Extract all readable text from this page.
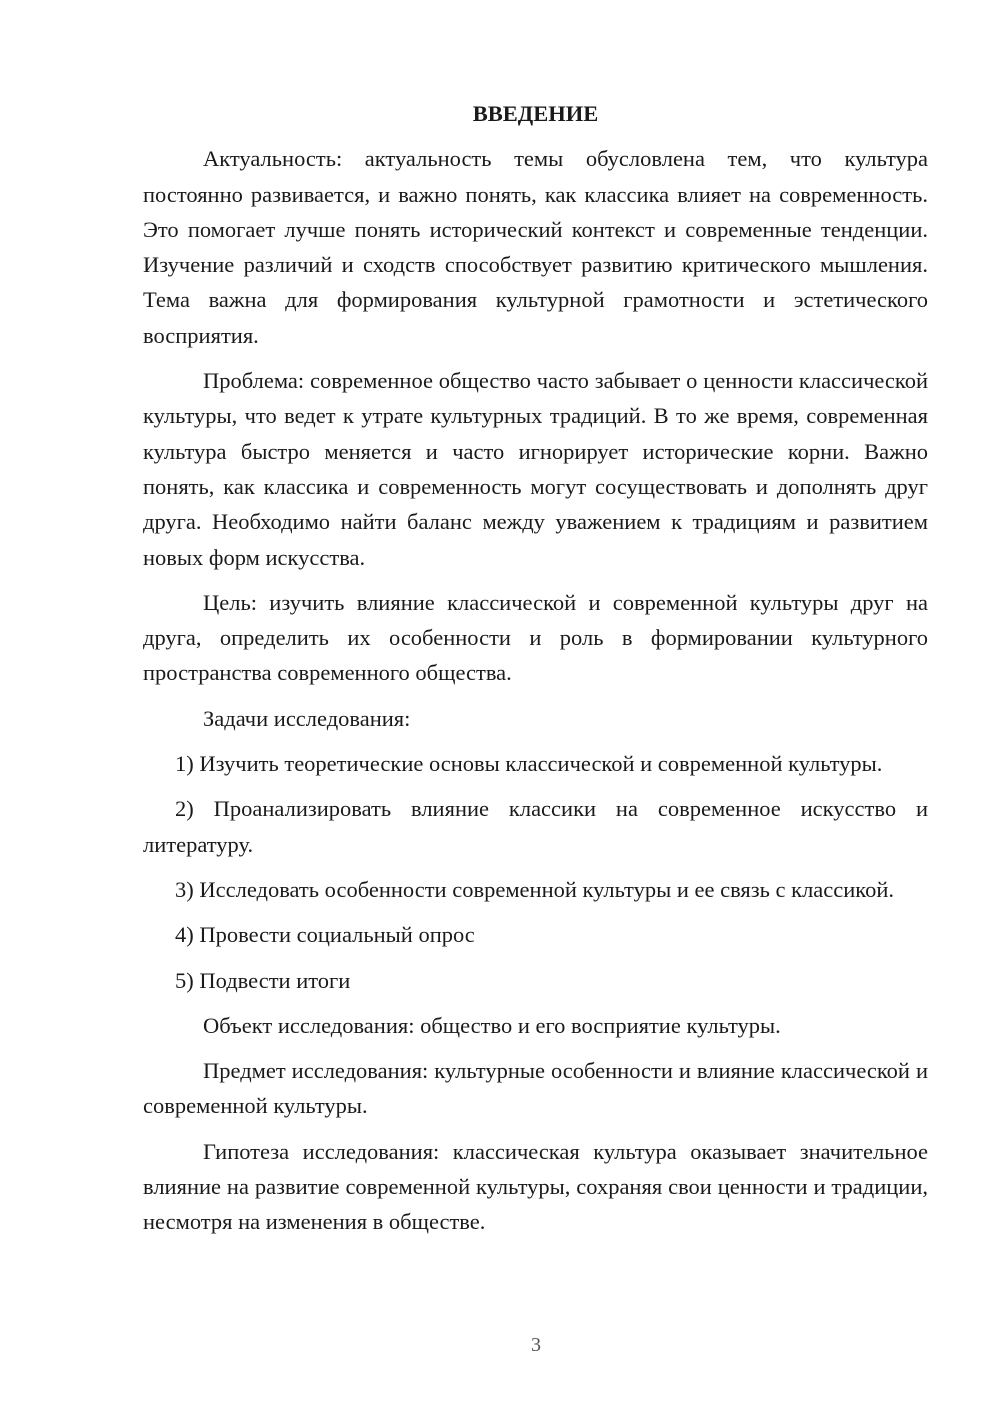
ВВЕДЕНИЕ

Актуальность: актуальность темы обусловлена тем, что культура постоянно развивается, и важно понять, как классика влияет на современность. Это помогает лучше понять исторический контекст и современные тенденции. Изучение различий и сходств способствует развитию критического мышления. Тема важна для формирования культурной грамотности и эстетического восприятия.

Проблема: современное общество часто забывает о ценности классической культуры, что ведет к утрате культурных традиций. В то же время, современная культура быстро меняется и часто игнорирует исторические корни. Важно понять, как классика и современность могут сосуществовать и дополнять друг друга. Необходимо найти баланс между уважением к традициям и развитием новых форм искусства.

Цель: изучить влияние классической и современной культуры друг на друга, определить их особенности и роль в формировании культурного пространства современного общества.

Задачи исследования:

1) Изучить теоретические основы классической и современной культуры.

2) Проанализировать влияние классики на современное искусство и литературу.

3) Исследовать особенности современной культуры и ее связь с классикой.

4) Провести социальный опрос

5) Подвести итоги

Объект исследования: общество и его восприятие культуры.

Предмет исследования: культурные особенности и влияние классической и современной культуры.

Гипотеза исследования: классическая культура оказывает значительное влияние на развитие современной культуры, сохраняя свои ценности и традиции, несмотря на изменения в обществе.

3
